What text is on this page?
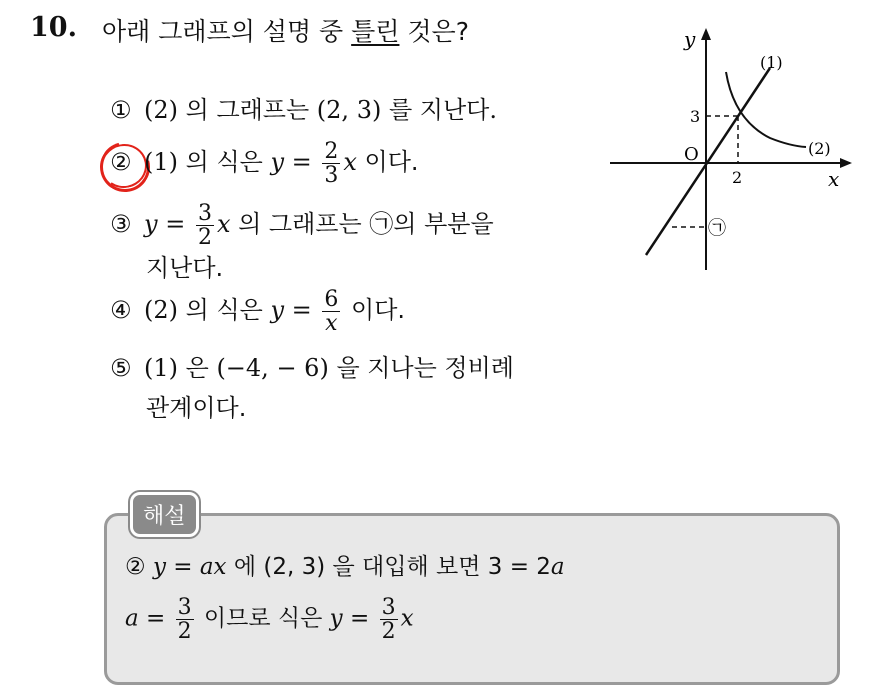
10. 아래 그래프의 설명 중 틀린 것은?
① (2) 의 그래프는 (2, 3) 를 지난다.
② (1) 의 식은 $y = \frac{2}{3}$ x 이다.
③ $y = \frac{3}{2}$ x 의 그래프는 ㉠의 부분을
지난다.
④ (2) 의 식은 $y = \frac{6}{x}$ 이다.
⑤ (1) 은 (−4, − 6) 을 지나는 정비례
관계이다.
y
x
O
2
3
(1)
(2)
㉠
해설
② y = ax 에 (2, 3) 을 대입해 보면 3 = 2a
$a = \frac{3}{2}$ 이므로 식은 $y = \frac{3}{2}$ x
